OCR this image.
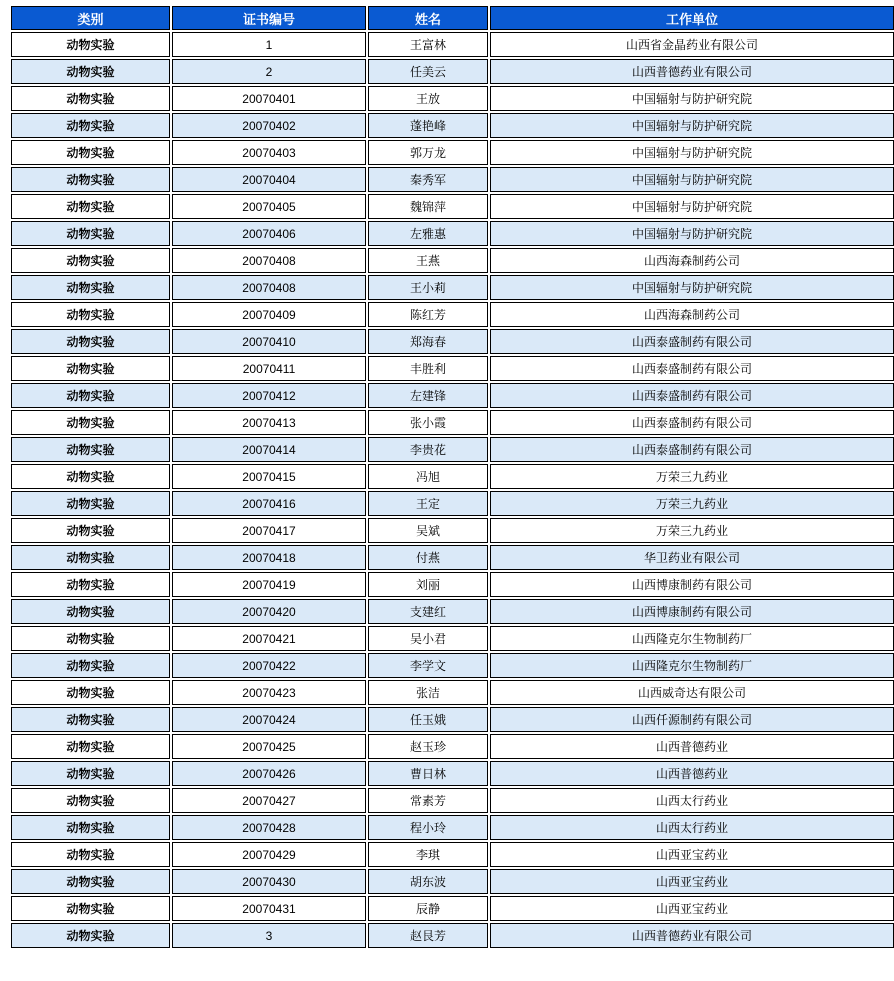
类别	证书编号	姓名	工作单位
动物实验	1	王富林	山西省金晶药业有限公司
动物实验	2	任美云	山西普德药业有限公司
动物实验	20070401	王放	中国辐射与防护研究院
动物实验	20070402	蓬艳峰	中国辐射与防护研究院
动物实验	20070403	郭万龙	中国辐射与防护研究院
动物实验	20070404	秦秀军	中国辐射与防护研究院
动物实验	20070405	魏锦萍	中国辐射与防护研究院
动物实验	20070406	左雅惠	中国辐射与防护研究院
动物实验	20070408	王燕	山西海森制药公司
动物实验	20070408	王小莉	中国辐射与防护研究院
动物实验	20070409	陈红芳	山西海森制药公司
动物实验	20070410	郑海春	山西泰盛制药有限公司
动物实验	20070411	丰胜利	山西泰盛制药有限公司
动物实验	20070412	左建锋	山西泰盛制药有限公司
动物实验	20070413	张小霞	山西泰盛制药有限公司
动物实验	20070414	李贵花	山西泰盛制药有限公司
动物实验	20070415	冯旭	万荣三九药业
动物实验	20070416	王定	万荣三九药业
动物实验	20070417	吴斌	万荣三九药业
动物实验	20070418	付燕	华卫药业有限公司
动物实验	20070419	刘丽	山西博康制药有限公司
动物实验	20070420	支建红	山西博康制药有限公司
动物实验	20070421	吴小君	山西隆克尔生物制药厂
动物实验	20070422	李学文	山西隆克尔生物制药厂
动物实验	20070423	张洁	山西威奇达有限公司
动物实验	20070424	任玉娥	山西仟源制药有限公司
动物实验	20070425	赵玉珍	山西普德药业
动物实验	20070426	曹日林	山西普德药业
动物实验	20070427	常素芳	山西太行药业
动物实验	20070428	程小玲	山西太行药业
动物实验	20070429	李琪	山西亚宝药业
动物实验	20070430	胡东波	山西亚宝药业
动物实验	20070431	辰静	山西亚宝药业
动物实验	3	赵艮芳	山西普德药业有限公司
